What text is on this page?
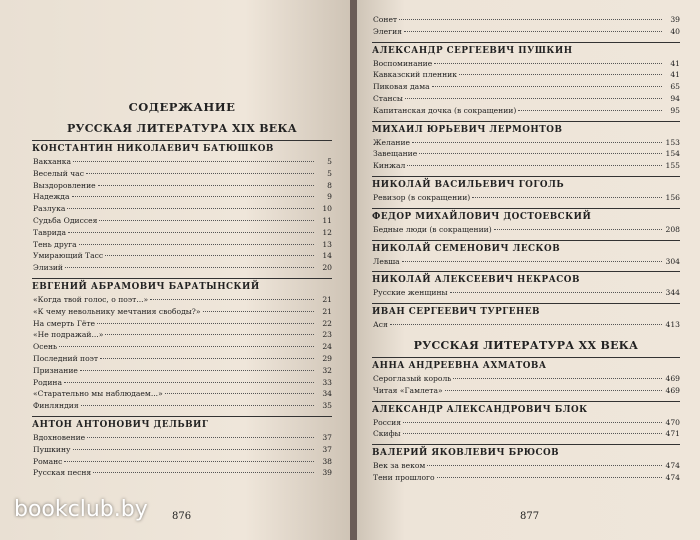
СОДЕРЖАНИЕ
РУССКАЯ ЛИТЕРАТУРА XIX ВЕКА
КОНСТАНТИН НИКОЛАЕВИЧ БАТЮШКОВ
Вакханка	5
Веселый час	5
Выздоровление	8
Надежда	9
Разлука	10
Судьба Одиссея	11
Таврида	12
Тень друга	13
Умирающий Тасс	14
Элизий	20
ЕВГЕНИЙ АБРАМОВИЧ БАРАТЫНСКИЙ
«Когда твой голос, о поэт...»	21
«К чему невольнику мечтания свободы?»	21
На смерть Гёте	22
«Не подражай...»	23
Осень	24
Последний поэт	29
Признание	32
Родина	33
«Старательно мы наблюдаем...»	34
Финляндия	35
АНТОН АНТОНОВИЧ ДЕЛЬВИГ
Вдохновение	37
Пушкину	37
Романс	38
Русская песня	39
876
bookclub.by
Сонет	39
Элегия	40
АЛЕКСАНДР СЕРГЕЕВИЧ ПУШКИН
Воспоминание	41
Кавказский пленник	41
Пиковая дама	65
Стансы	94
Капитанская дочка (в сокращении)	95
МИХАИЛ ЮРЬЕВИЧ ЛЕРМОНТОВ
Желание	153
Завещание	154
Кинжал	155
НИКОЛАЙ ВАСИЛЬЕВИЧ ГОГОЛЬ
Ревизор (в сокращении)	156
ФЕДОР МИХАЙЛОВИЧ ДОСТОЕВСКИЙ
Бедные люди (в сокращении)	208
НИКОЛАЙ СЕМЕНОВИЧ ЛЕСКОВ
Левша	304
НИКОЛАЙ АЛЕКСЕЕВИЧ НЕКРАСОВ
Русские женщины	344
ИВАН СЕРГЕЕВИЧ ТУРГЕНЕВ
Ася	413
РУССКАЯ ЛИТЕРАТУРА XX ВЕКА
АННА АНДРЕЕВНА АХМАТОВА
Сероглазый король	469
Читая «Гамлета»	469
АЛЕКСАНДР АЛЕКСАНДРОВИЧ БЛОК
Россия	470
Скифы	471
ВАЛЕРИЙ ЯКОВЛЕВИЧ БРЮСОВ
Век за веком	474
Тени прошлого	474
877
